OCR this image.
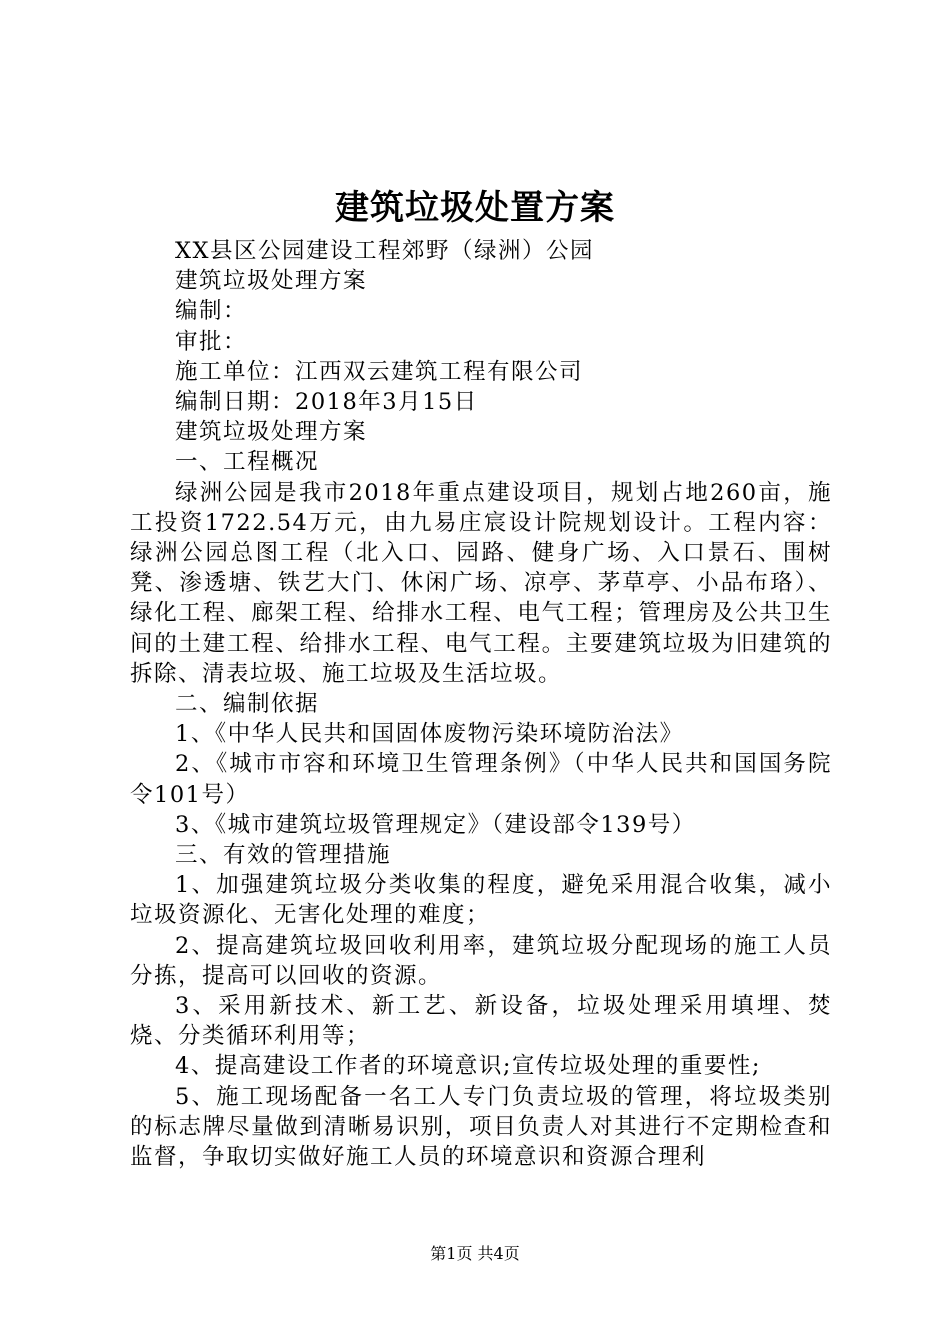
建筑垃圾处置方案

XX县区公园建设工程郊野（绿洲）公园

建筑垃圾处理方案

编制：

审批：

施工单位：江西双云建筑工程有限公司

编制日期：2018年3月15日

建筑垃圾处理方案

一、工程概况

绿洲公园是我市2018年重点建设项目，规划占地260亩，施工投资1722.54万元，由九易庄宸设计院规划设计。工程内容：绿洲公园总图工程（北入口、园路、健身广场、入口景石、围树凳、渗透塘、铁艺大门、休闲广场、凉亭、茅草亭、小品布珞）、绿化工程、廊架工程、给排水工程、电气工程；管理房及公共卫生间的土建工程、给排水工程、电气工程。主要建筑垃圾为旧建筑的拆除、清表垃圾、施工垃圾及生活垃圾。

二、编制依据

1、《中华人民共和国固体废物污染环境防治法》

2、《城市市容和环境卫生管理条例》（中华人民共和国国务院令101号）

3、《城市建筑垃圾管理规定》（建设部令139号）

三、有效的管理措施

1、加强建筑垃圾分类收集的程度，避免采用混合收集，减小垃圾资源化、无害化处理的难度；

2、提高建筑垃圾回收利用率，建筑垃圾分配现场的施工人员分拣，提高可以回收的资源。

3、采用新技术、新工艺、新设备，垃圾处理采用填埋、焚烧、分类循环利用等；

4、提高建设工作者的环境意识;宣传垃圾处理的重要性;

5、施工现场配备一名工人专门负责垃圾的管理，将垃圾类别的标志牌尽量做到清晰易识别，项目负责人对其进行不定期检查和监督，争取切实做好施工人员的环境意识和资源合理利

第1页 共4页
